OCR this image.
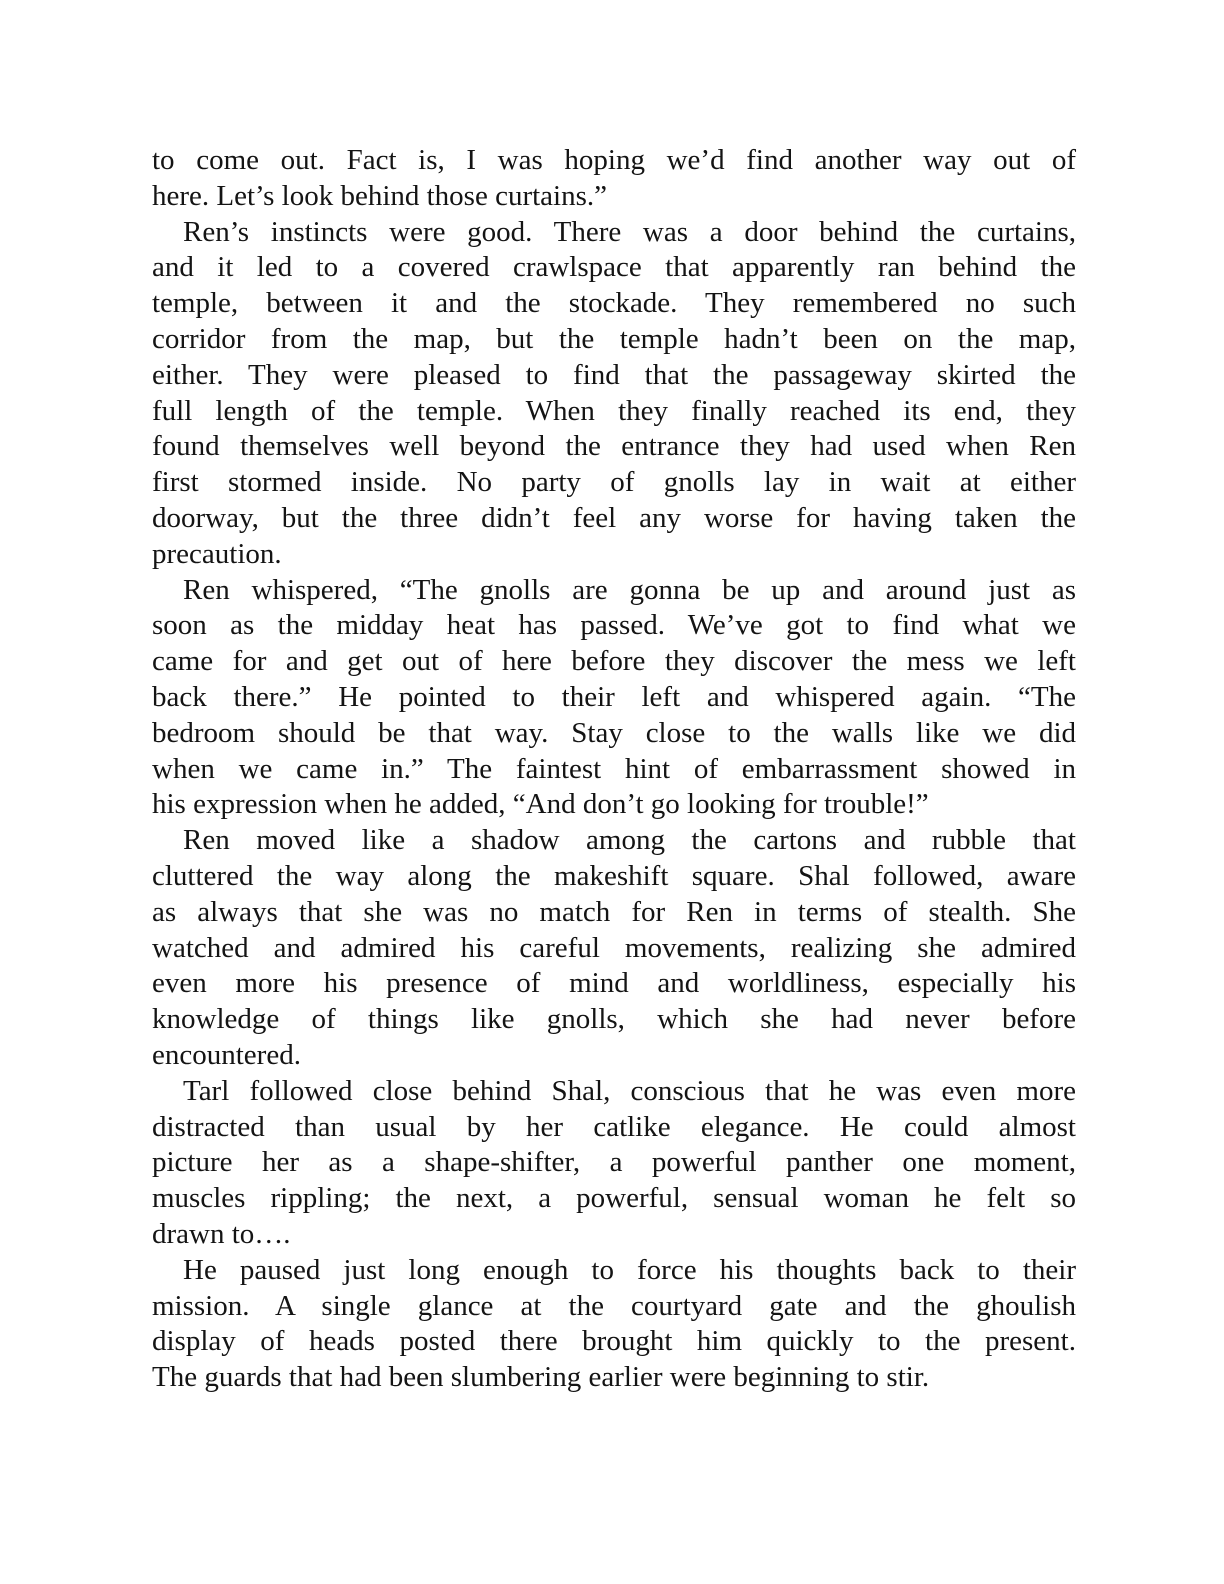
to come out. Fact is, I was hoping we’d find another way out of
here. Let’s look behind those curtains.”
Ren’s instincts were good. There was a door behind the curtains,
and it led to a covered crawlspace that apparently ran behind the
temple, between it and the stockade. They remembered no such
corridor from the map, but the temple hadn’t been on the map,
either. They were pleased to find that the passageway skirted the
full length of the temple. When they finally reached its end, they
found themselves well beyond the entrance they had used when Ren
first stormed inside. No party of gnolls lay in wait at either
doorway, but the three didn’t feel any worse for having taken the
precaution.
Ren whispered, “The gnolls are gonna be up and around just as
soon as the midday heat has passed. We’ve got to find what we
came for and get out of here before they discover the mess we left
back there.” He pointed to their left and whispered again. “The
bedroom should be that way. Stay close to the walls like we did
when we came in.” The faintest hint of embarrassment showed in
his expression when he added, “And don’t go looking for trouble!”
Ren moved like a shadow among the cartons and rubble that
cluttered the way along the makeshift square. Shal followed, aware
as always that she was no match for Ren in terms of stealth. She
watched and admired his careful movements, realizing she admired
even more his presence of mind and worldliness, especially his
knowledge of things like gnolls, which she had never before
encountered.
Tarl followed close behind Shal, conscious that he was even more
distracted than usual by her catlike elegance. He could almost
picture her as a shape-shifter, a powerful panther one moment,
muscles rippling; the next, a powerful, sensual woman he felt so
drawn to….
He paused just long enough to force his thoughts back to their
mission. A single glance at the courtyard gate and the ghoulish
display of heads posted there brought him quickly to the present.
The guards that had been slumbering earlier were beginning to stir.
